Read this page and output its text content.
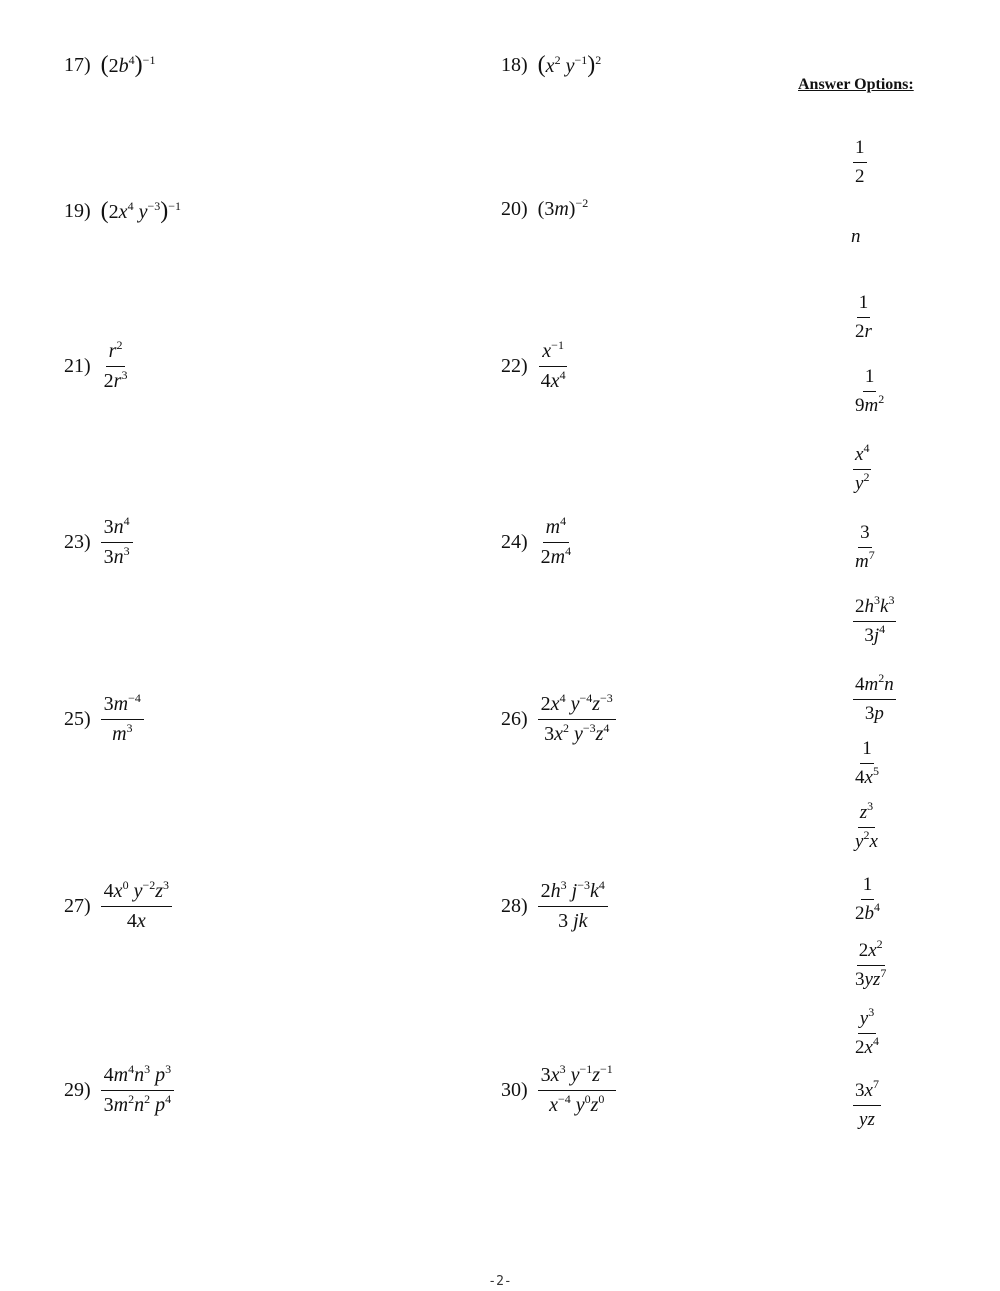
17) $(2b^4)^{-1}$	18) ($x^2$ $y^{-1})^2$
19) ($2x^4$ $y^{-3})^{-1}$	20) $(3m)^{-2}$
$21) \frac{r^2}{2r^3}$	$22) \frac{x^{-1}}{4x^4}$
$23) \frac{3n^4}{3n^3}$	$24) \frac{m^4}{2m^4}$
$25) \frac{3m^{-4}}{m^3}$	$26) \frac{2x^4 y^{-4}z^{-3}}{3x^2 y^{-3}z^4}$
$27) \frac{4x^0 y^{-2}z^3}{4x}$	$28) \frac{2h^3 j^{-3}k^4}{3 jk}$
$29) \frac{4m^4n^3 p^3}{3m^2n^2 p^4}$	$30) \frac{3x^3 y^{-1}z^{-1}}{x^{-4} y^0z^0}$
Answer Options:
$\frac{1}{2}$
n
$\frac{1}{2r}$
$\frac{1}{9m^2}$
$\frac{x^4}{y^2}$
$\frac{3}{m^7}$
$\frac{2h^3k^3}{3j^4}$
$\frac{4m^2n}{3p}$
$\frac{1}{4x^5}$
$\frac{z^3}{y^2x}$
$\frac{1}{2b^4}$
$\frac{2x^2}{3yz^7}$
$\frac{y^3}{2x^4}$
$\frac{3x^7}{yz}$
-2-
